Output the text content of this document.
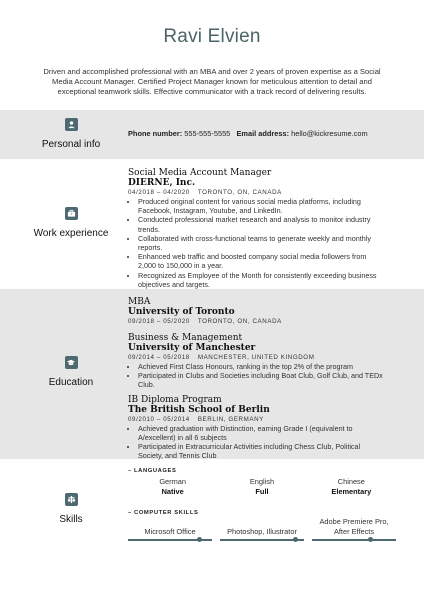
Ravi Elvien
Driven and accomplished professional with an MBA and over 2 years of proven expertise as a Social Media Account Manager. Certified Project Manager known for meticulous attention to detail and exceptional teamwork skills. Effective communicator with a track record of delivering results.
Personal info
Phone number: 555-555-5555 Email address: hello@kickresume.com
Work experience
Social Media Account Manager
DIERNE, Inc.
04/2018 – 04/2020 TORONTO, ON, CANADA
• Produced original content for various social media platforms, including Facebook, Instagram, Youtube, and LinkedIn.
• Conducted professional market research and analysis to monitor industry trends.
• Collaborated with cross-functional teams to generate weekly and monthly reports.
• Enhanced web traffic and boosted company social media followers from 2,000 to 150,000 in a year.
• Recognized as Employee of the Month for consistently exceeding business objectives and targets.
Education
MBA
University of Toronto
09/2018 – 05/2020 TORONTO, ON, CANADA
Business & Management
University of Manchester
09/2014 – 05/2018 MANCHESTER, UNITED KINGDOM
• Achieved First Class Honours, ranking in the top 2% of the program
• Participated in Clubs and Societies including Boat Club, Golf Club, and TEDx Club.
IB Diploma Program
The British School of Berlin
09/2010 – 05/2014 BERLIN, GERMANY
• Achieved graduation with Distinction, earning Grade I (equivalent to A/excellent) in all 6 subjects
• Participated in Extracurricular Activities including Chess Club, Political Society, and Tennis Club
Skills
– LANGUAGES
German
Native
English
Full
Chinese
Elementary
– COMPUTER SKILLS
Microsoft Office	Photoshop, Illustrator
Adobe Premiere Pro, After Effects
